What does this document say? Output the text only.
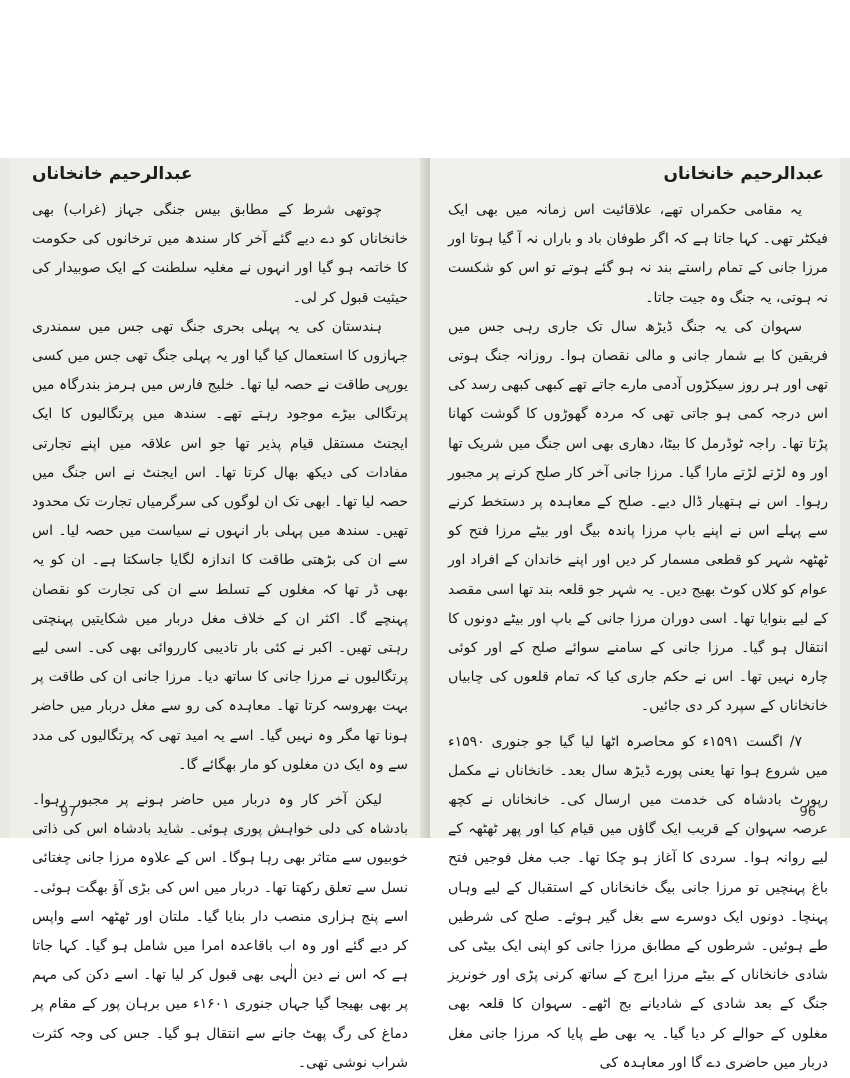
عبدالرحیم خانخاناں

چوتھی شرط کے مطابق بیس جنگی جہاز (غراب) بھی خانخاناں کو دے دیے گئے آخر کار سندھ میں ترخانوں کی حکومت کا خاتمہ ہو گیا اور انہوں نے مغلیہ سلطنت کے ایک صوبیدار کی حیثیت قبول کر لی۔

ہندستان کی یہ پہلی بحری جنگ تھی جس میں سمندری جہازوں کا استعمال کیا گیا اور یہ پہلی جنگ تھی جس میں کسی یورپی طاقت نے حصہ لیا تھا۔ خلیج فارس میں ہرمز بندرگاہ میں پرتگالی بیڑے موجود رہتے تھے۔ سندھ میں پرتگالیوں کا ایک ایجنٹ مستقل قیام پذیر تھا جو اس علاقہ میں اپنے تجارتی مفادات کی دیکھ بھال کرتا تھا۔ اس ایجنٹ نے اس جنگ میں حصہ لیا تھا۔ ابھی تک ان لوگوں کی سرگرمیاں تجارت تک محدود تھیں۔ سندھ میں پہلی بار انہوں نے سیاست میں حصہ لیا۔ اس سے ان کی بڑھتی طاقت کا اندازہ لگایا جاسکتا ہے۔ ان کو یہ بھی ڈر تھا کہ مغلوں کے تسلط سے ان کی تجارت کو نقصان پہنچے گا۔ اکثر ان کے خلاف مغل دربار میں شکایتیں پہنچتی رہتی تھیں۔ اکبر نے کئی بار تادیبی کارروائی بھی کی۔ اسی لیے پرتگالیوں نے مرزا جانی کا ساتھ دیا۔ مرزا جانی ان کی طاقت پر بہت بھروسہ کرتا تھا۔ معاہدہ کی رو سے مغل دربار میں حاضر ہونا تھا مگر وہ نہیں گیا۔ اسے یہ امید تھی کہ پرتگالیوں کی مدد سے وہ ایک دن مغلوں کو مار بھگائے گا۔

لیکن آخر کار وہ دربار میں حاضر ہونے پر مجبور رہوا۔ بادشاہ کی دلی خواہش پوری ہوئی۔ شاید بادشاہ اس کی ذاتی خوبیوں سے متاثر بھی رہا ہوگا۔ اس کے علاوہ مرزا جانی چغتائی نسل سے تعلق رکھتا تھا۔ دربار میں اس کی بڑی آؤ بھگت ہوئی۔ اسے پنج ہزاری منصب دار بنایا گیا۔ ملتان اور ٹھٹھہ اسے واپس کر دیے گئے اور وہ اب باقاعدہ امرا میں شامل ہو گیا۔ کہا جاتا ہے کہ اس نے دین الٰہی بھی قبول کر لیا تھا۔ اسے دکن کی مہم پر بھی بھیجا گیا جہاں جنوری ۱۶۰۱ء میں برہان پور کے مقام پر دماغ کی رگ پھٹ جانے سے انتقال ہو گیا۔ جس کی وجہ کثرت شراب نوشی تھی۔

97
عبدالرحیم خانخاناں

یہ مقامی حکمراں تھے، علاقائیت اس زمانہ میں بھی ایک فیکٹر تھی۔ کہا جاتا ہے کہ اگر طوفان باد و باراں نہ آ گیا ہوتا اور مرزا جانی کے تمام راستے بند نہ ہو گئے ہوتے تو اس کو شکست نہ ہوتی، یہ جنگ وہ جیت جاتا۔

سہوان کی یہ جنگ ڈیڑھ سال تک جاری رہی جس میں فریقین کا بے شمار جانی و مالی نقصان ہوا۔ روزانہ جنگ ہوتی تھی اور ہر روز سیکڑوں آدمی مارے جاتے تھے کبھی کبھی رسد کی اس درجہ کمی ہو جاتی تھی کہ مردہ گھوڑوں کا گوشت کھانا پڑتا تھا۔ راجہ ٹوڈرمل کا بیٹا، دھاری بھی اس جنگ میں شریک تھا اور وہ لڑتے لڑتے مارا گیا۔ مرزا جانی آخر کار صلح کرنے پر مجبور رہوا۔ اس نے ہتھیار ڈال دیے۔ صلح کے معاہدہ پر دستخط کرنے سے پہلے اس نے اپنے باپ مرزا پاندہ بیگ اور بیٹے مرزا فتح کو ٹھٹھہ شہر کو قطعی مسمار کر دیں اور اپنے خاندان کے افراد اور عوام کو کلاں کوٹ بھیج دیں۔ یہ شہر جو قلعہ بند تھا اسی مقصد کے لیے بنوایا تھا۔ اسی دوران مرزا جانی کے باپ اور بیٹے دونوں کا انتقال ہو گیا۔ مرزا جانی کے سامنے سوائے صلح کے اور کوئی چارہ نہیں تھا۔ اس نے حکم جاری کیا کہ تمام قلعوں کی چابیاں خانخاناں کے سپرد کر دی جائیں۔

۷/ اگست ۱۵۹۱ء کو محاصرہ اٹھا لیا گیا جو جنوری ۱۵۹۰ء میں شروع ہوا تھا یعنی پورے ڈیڑھ سال بعد۔ خانخاناں نے مکمل رپورٹ بادشاہ کی خدمت میں ارسال کی۔ خانخاناں نے کچھ عرصہ سہوان کے قریب ایک گاؤں میں قیام کیا اور پھر ٹھٹھہ کے لیے روانہ ہوا۔ سردی کا آغاز ہو چکا تھا۔ جب مغل فوجیں فتح باغ پہنچیں تو مرزا جانی بیگ خانخاناں کے استقبال کے لیے وہاں پہنچا۔ دونوں ایک دوسرے سے بغل گیر ہوئے۔ صلح کی شرطیں طے ہوئیں۔ شرطوں کے مطابق مرزا جانی کو اپنی ایک بیٹی کی شادی خانخاناں کے بیٹے مرزا ایرج کے ساتھ کرنی پڑی اور خونریز جنگ کے بعد شادی کے شادیانے بج اٹھے۔ سہوان کا قلعہ بھی مغلوں کے حوالے کر دیا گیا۔ یہ بھی طے پایا کہ مرزا جانی مغل دربار میں حاضری دے گا اور معاہدہ کی

96
